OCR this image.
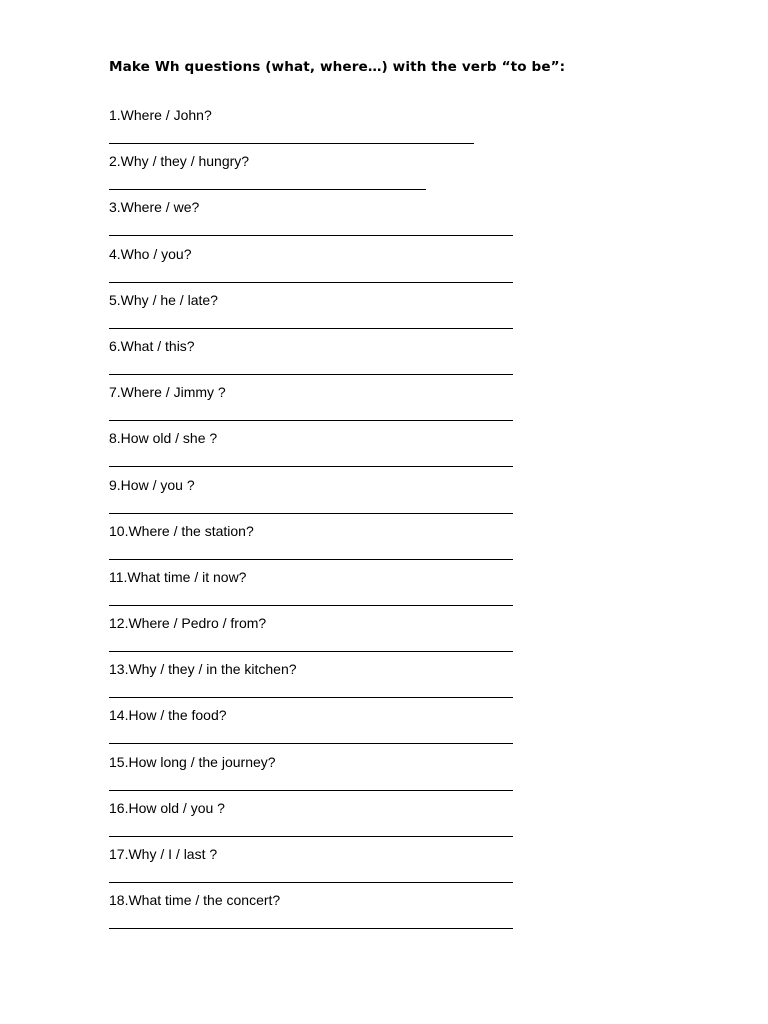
Make Wh questions (what, where…) with the verb “to be”:
1.Where / John?
2.Why / they / hungry?
3.Where / we?
4.Who / you?
5.Why / he / late?
6.What / this?
7.Where / Jimmy ?
8.How old / she ?
9.How / you ?
10.Where / the station?
11.What time / it now?
12.Where / Pedro / from?
13.Why / they / in the kitchen?
14.How / the food?
15.How long / the journey?
16.How old / you ?
17.Why / I / last ?
18.What time / the concert?
